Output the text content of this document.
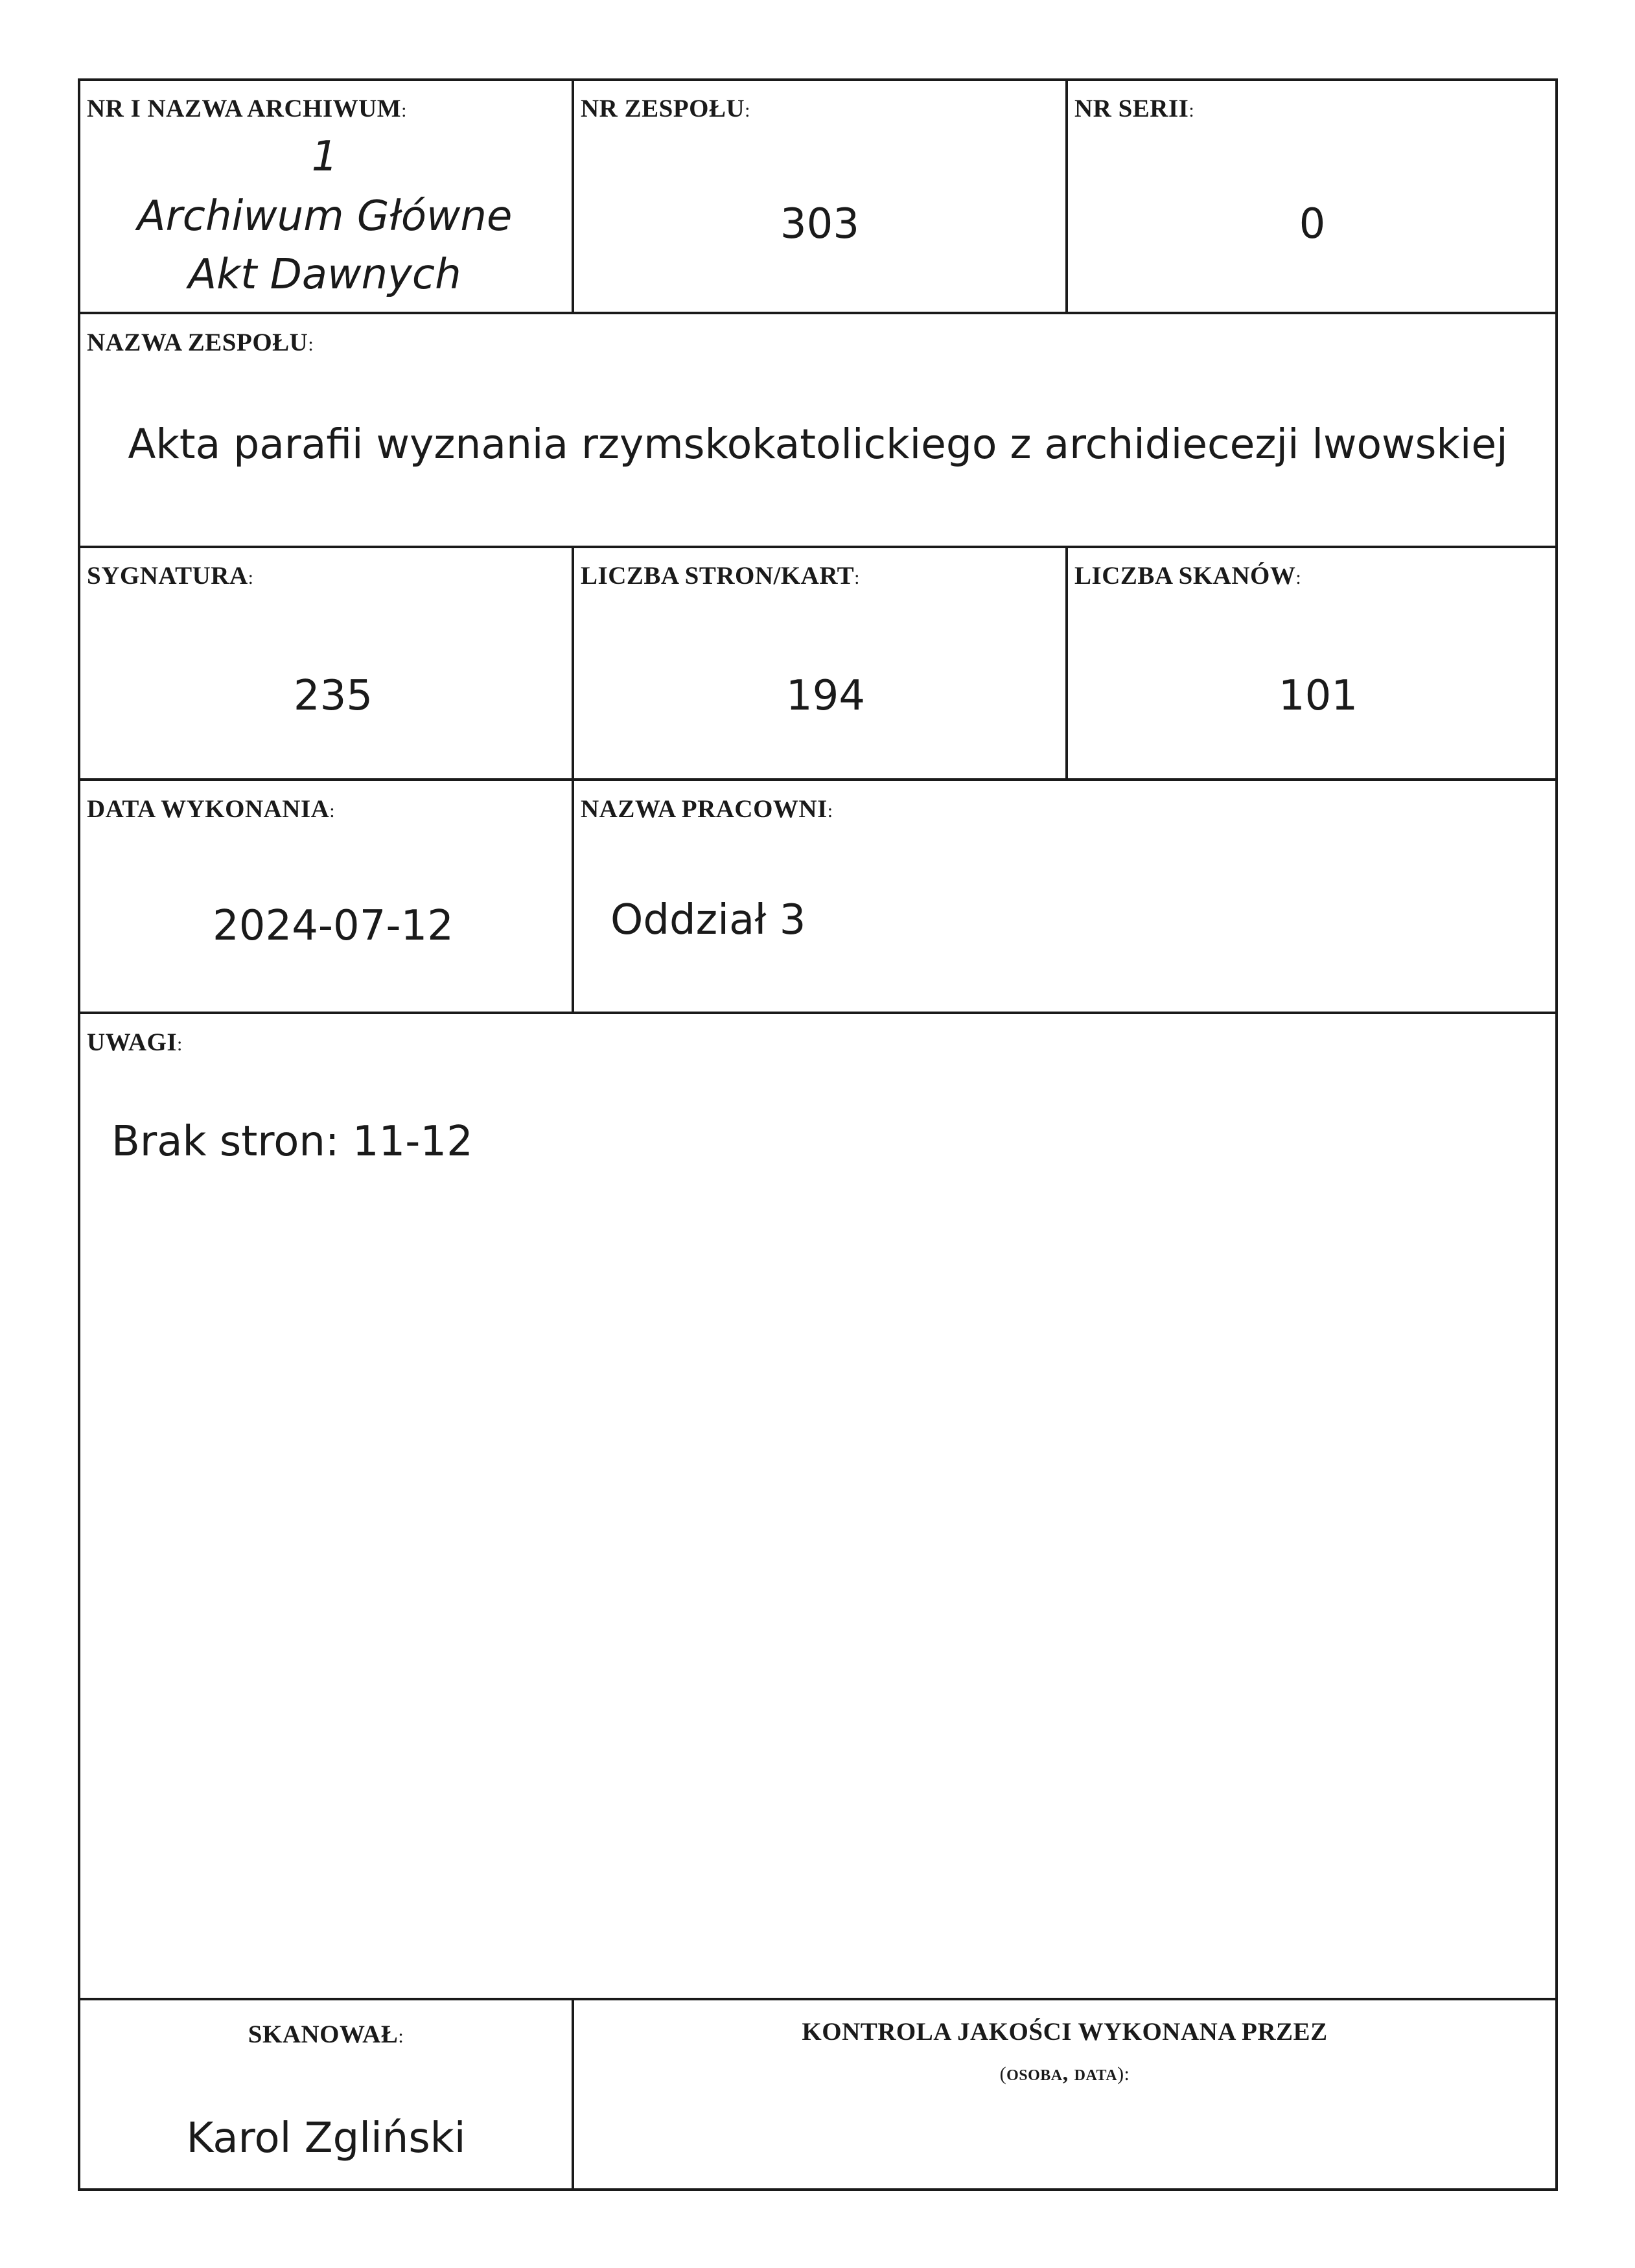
NR I NAZWA ARCHIWUM:
1
Archiwum Główne
Akt Dawnych
NR ZESPOŁU:
303
NR SERII:
0
NAZWA ZESPOŁU:
Akta parafii wyznania rzymskokatolickiego z archidiecezji lwowskiej
SYGNATURA:
235
LICZBA STRON/KART:
194
LICZBA SKANÓW:
101
DATA WYKONANIA:
2024-07-12
NAZWA PRACOWNI:
Oddział 3
UWAGI:
Brak stron: 11-12
SKANOWAŁ:
Karol Zgliński
KONTROLA JAKOŚCI WYKONANA PRZEZ
(osoba, data):
